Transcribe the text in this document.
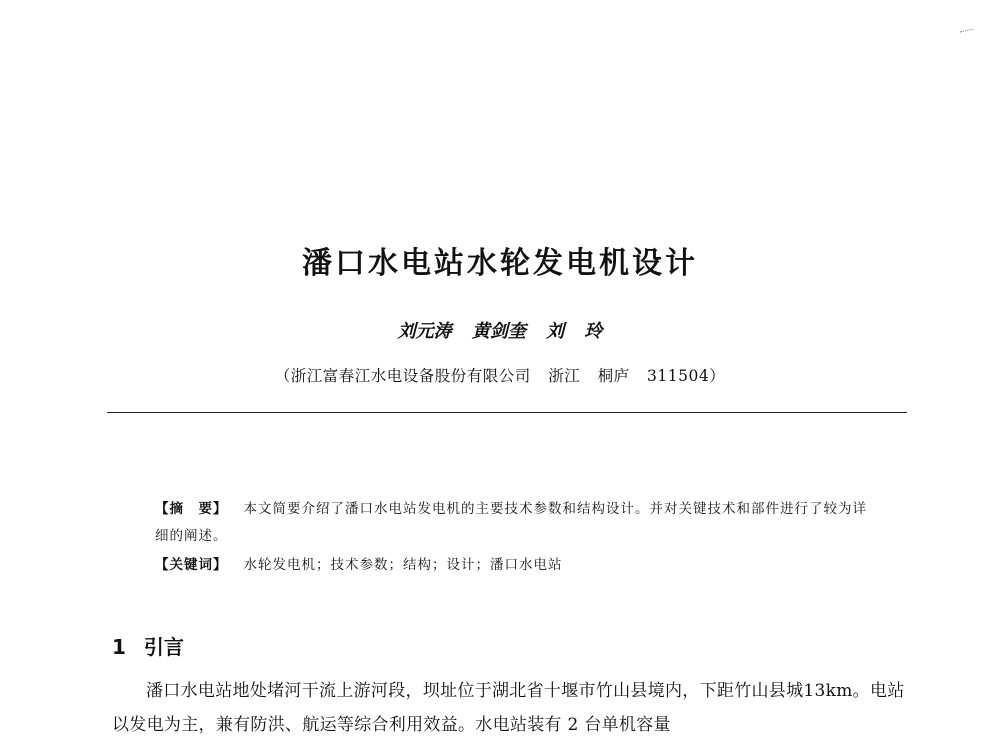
潘口水电站水轮发电机设计
刘元涛 黄剑奎 刘 玲
（浙江富春江水电设备股份有限公司 浙江 桐庐 311504）
【摘　要】 本文简要介绍了潘口水电站发电机的主要技术参数和结构设计。并对关键技术和部件进行了较为详细的阐述。
【关键词】 水轮发电机；技术参数；结构；设计；潘口水电站
1 引言
潘口水电站地处堵河干流上游河段，坝址位于湖北省十堰市竹山县境内，下距竹山县城13km。电站以发电为主，兼有防洪、航运等综合利用效益。水电站装有 2 台单机容量
